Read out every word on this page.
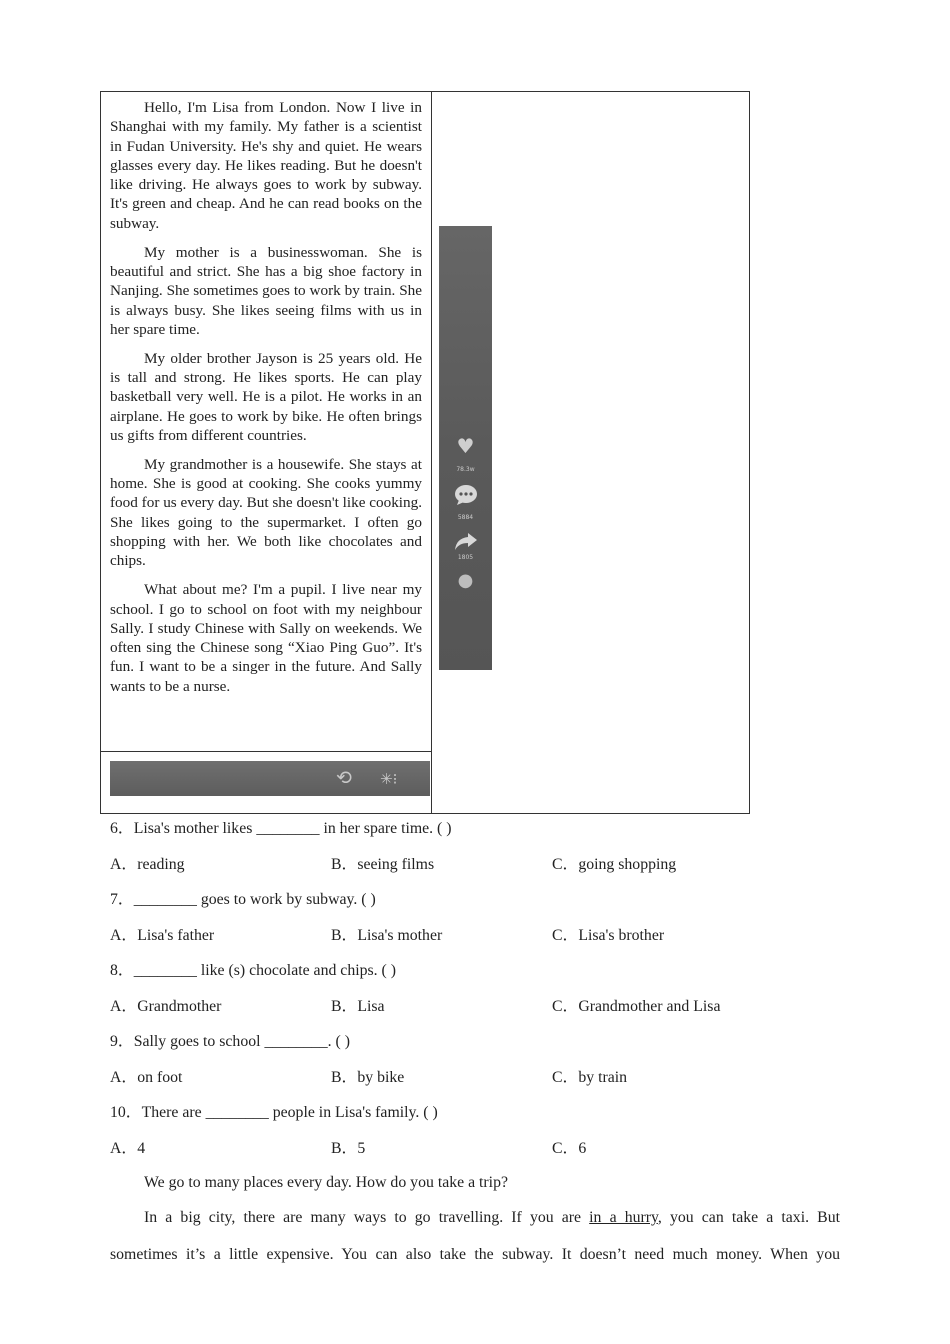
Hello, I'm Lisa from London. Now I live in Shanghai with my family. My father is a scientist in Fudan University. He's shy and quiet. He wears glasses every day. He likes reading. But he doesn't like driving. He always goes to work by subway. It's green and cheap. And he can read books on the subway.

My mother is a businesswoman. She is beautiful and strict. She has a big shoe factory in Nanjing. She sometimes goes to work by train. She is always busy. She likes seeing films with us in her spare time.

My older brother Jayson is 25 years old. He is tall and strong. He likes sports. He can play basketball very well. He is a pilot. He works in an airplane. He goes to work by bike. He often brings us gifts from different countries.

My grandmother is a housewife. She stays at home. She is good at cooking. She cooks yummy food for us every day. But she doesn't like cooking. She likes going to the supermarket. I often go shopping with her. We both like chocolates and chips.

What about me? I'm a pupil. I live near my school. I go to school on foot with my neighbour Sally. I study Chinese with Sally on weekends. We often sing the Chinese song “Xiao Ping Guo”. It's fun. I want to be a singer in the future. And Sally wants to be a nurse.

⟲ ✳⁝
♥
78.3w
5884
1805
●
6．Lisa's mother likes ________ in her spare time. ( )
A．reading	B．seeing films	C．going shopping
7．________ goes to work by subway. ( )
A．Lisa's father	B．Lisa's mother	C．Lisa's brother
8．________ like (s) chocolate and chips. ( )
A．Grandmother	B．Lisa	C．Grandmother and Lisa
9．Sally goes to school ________. ( )
A．on foot	B．by bike	C．by train
10．There are ________ people in Lisa's family. ( )
A．4	B．5	C．6
We go to many places every day. How do you take a trip?
In a big city, there are many ways to go travelling. If you are in a hurry, you can take a taxi. But
sometimes it’s a little expensive. You can also take the subway. It doesn’t need much money. When you
